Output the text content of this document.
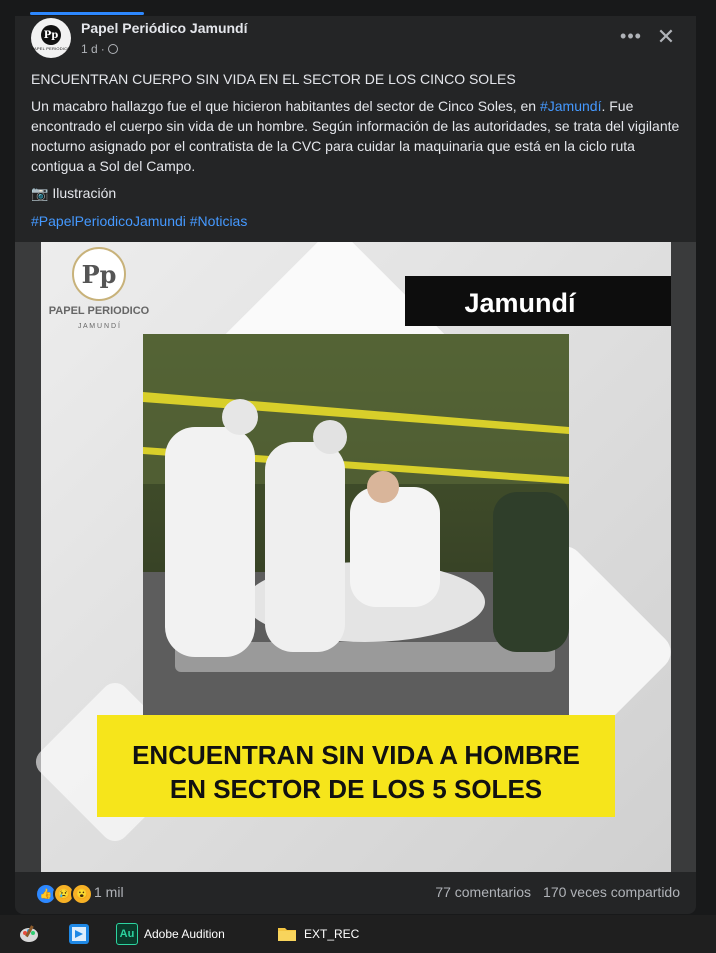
Pp
PAPEL PERIODICO
Papel Periódico Jamundí
1 d ·
••• ✕
ENCUENTRAN CUERPO SIN VIDA EN EL SECTOR DE LOS CINCO SOLES
Un macabro hallazgo fue el que hicieron habitantes del sector de Cinco Soles, en #Jamundí. Fue encontrado el cuerpo sin vida de un hombre. Según información de las autoridades, se trata del vigilante nocturno asignado por el contratista de la CVC para cuidar la maquinaria que está en la ciclo ruta contigua a Sol del Campo.
📷 Ilustración
#PapelPeriodicoJamundi #Noticias
Pp
PAPEL PERIODICO
J A M U N D Í
Jamundí
ENCUENTRAN SIN VIDA A HOMBRE
EN SECTOR DE LOS 5 SOLES
👍 😢 😮 1 mil	77 comentarios 170 veces compartido
Au Adobe Audition	EXT_REC
